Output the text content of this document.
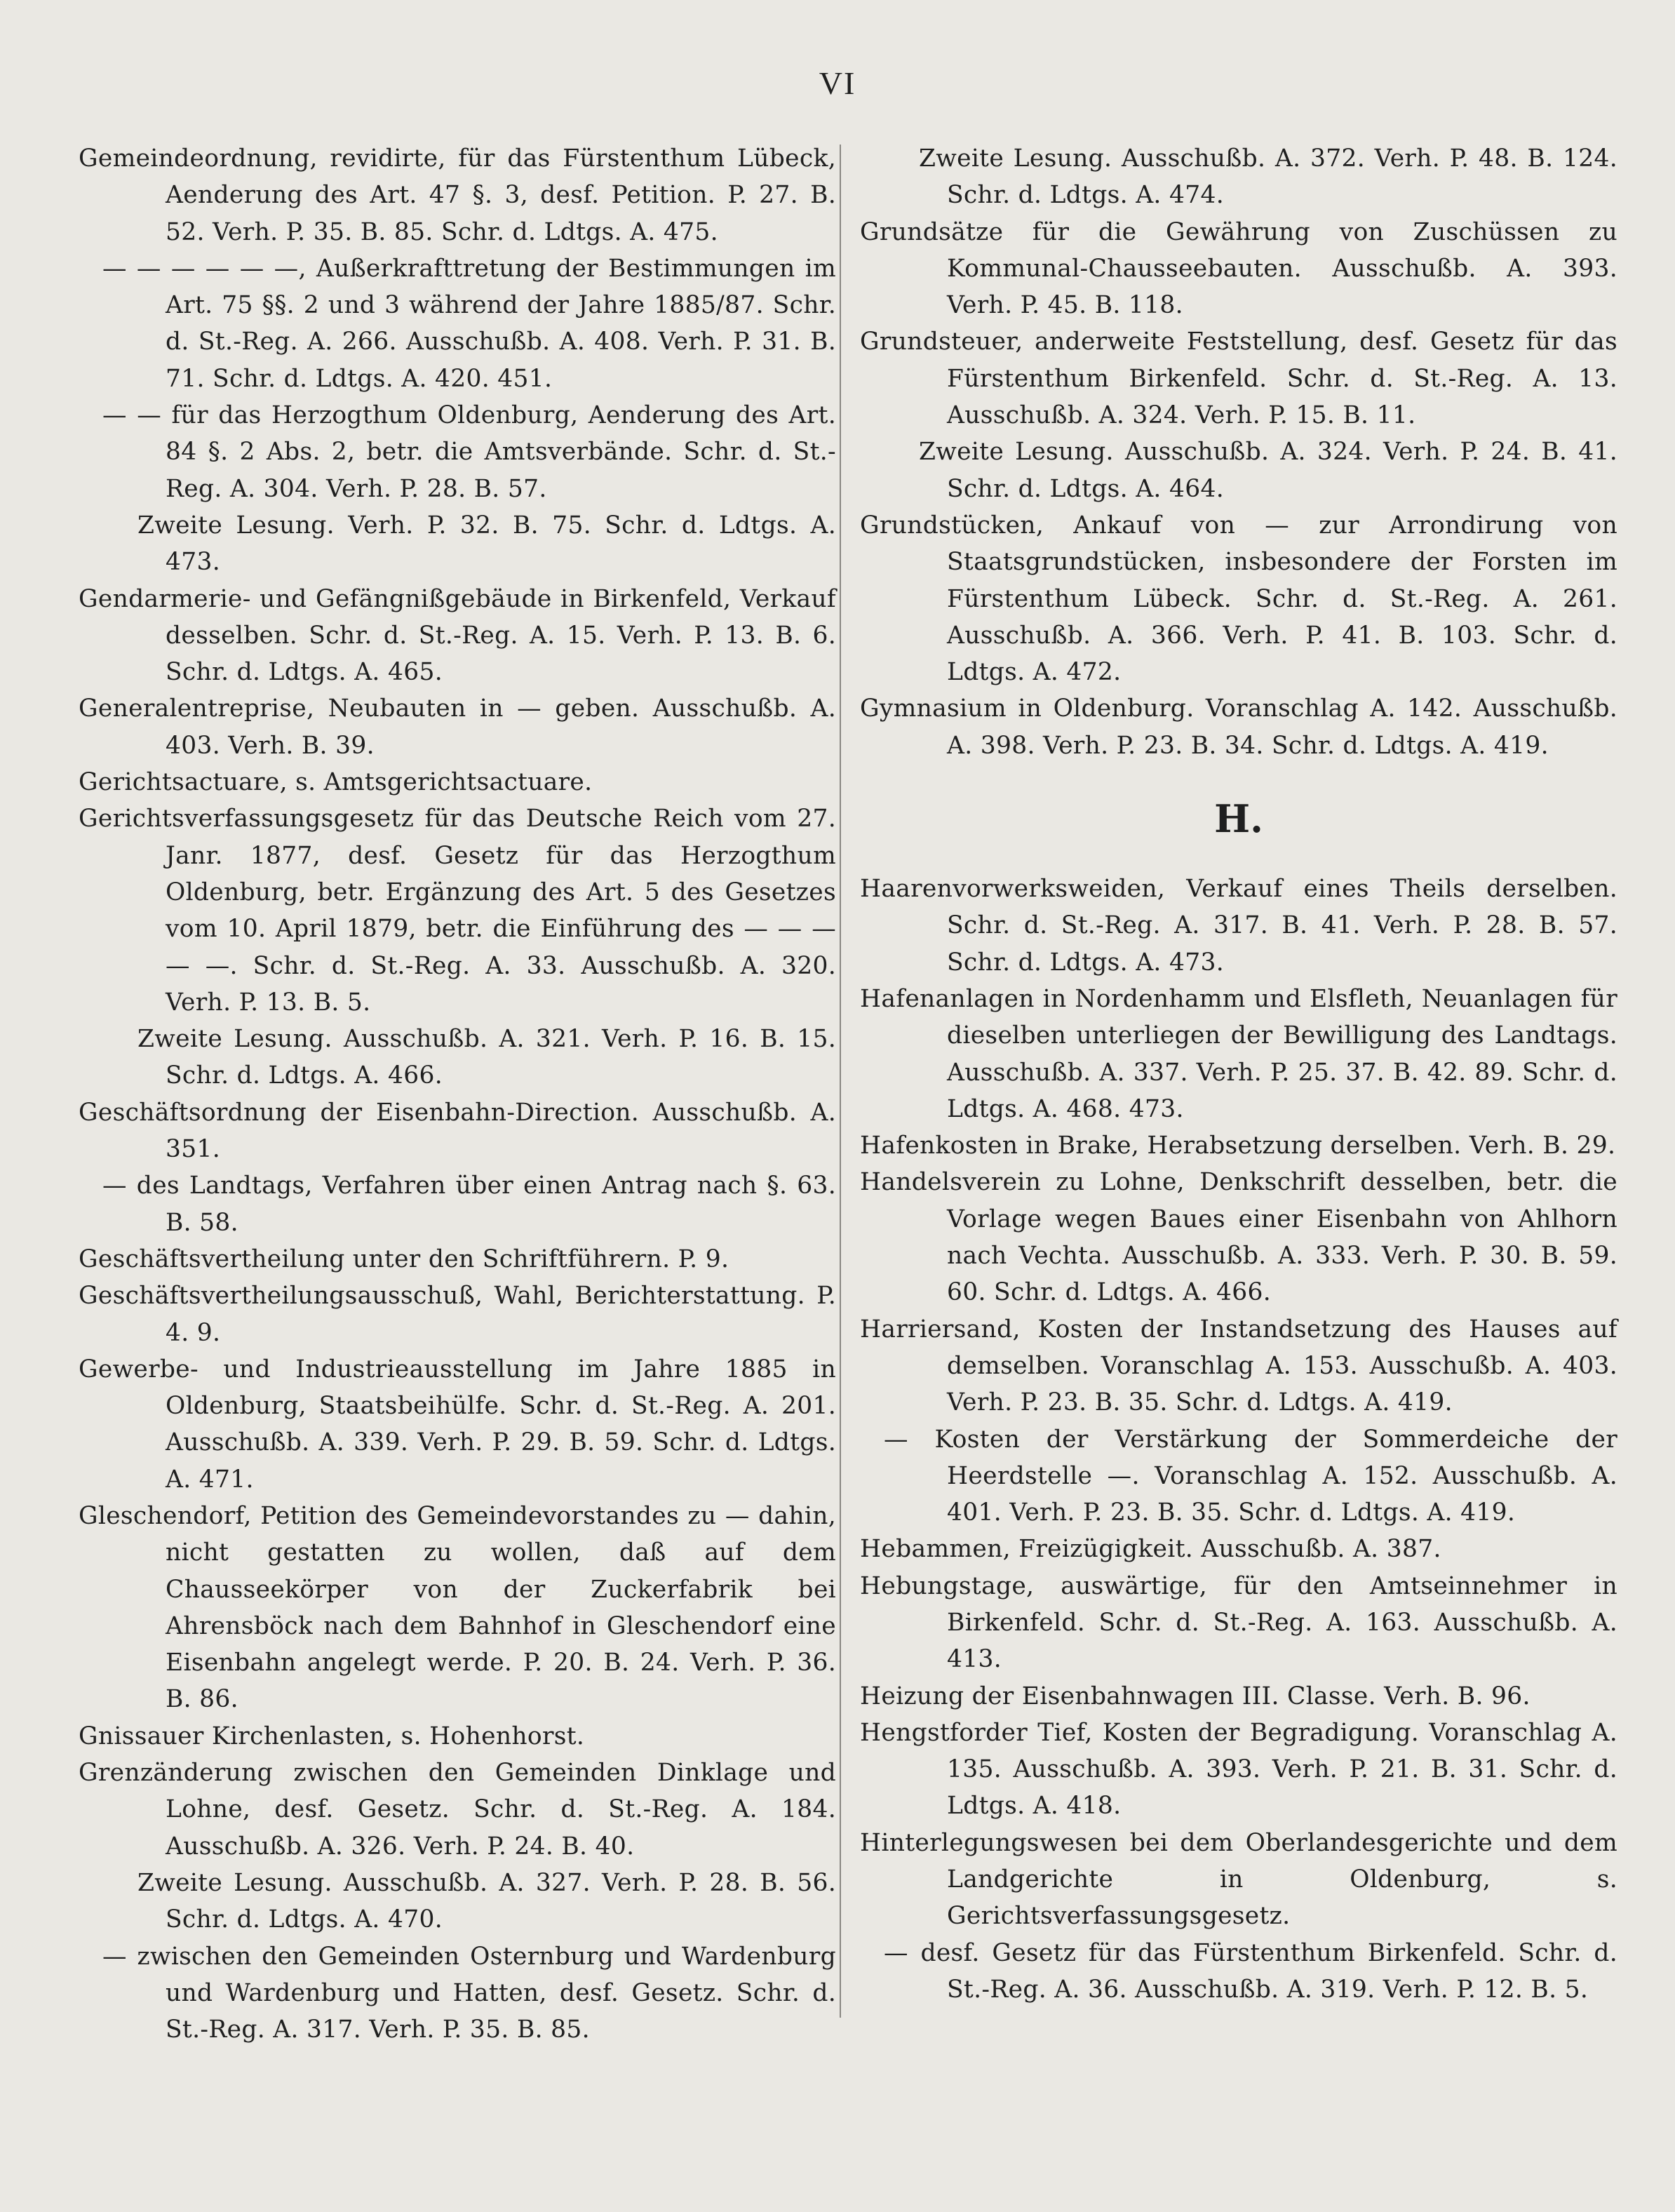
VI

Gemeindeordnung, revidirte, für das Fürstenthum Lübeck, Aenderung des Art. 47 §. 3, desf. Petition. P. 27. B. 52. Verh. P. 35. B. 85. Schr. d. Ldtgs. A. 475.

— — — — — —, Außerkrafttretung der Bestimmungen im Art. 75 §§. 2 und 3 während der Jahre 1885/87. Schr. d. St.-Reg. A. 266. Ausschußb. A. 408. Verh. P. 31. B. 71. Schr. d. Ldtgs. A. 420. 451.

— — für das Herzogthum Oldenburg, Aenderung des Art. 84 §. 2 Abs. 2, betr. die Amtsverbände. Schr. d. St.-Reg. A. 304. Verh. P. 28. B. 57.

Zweite Lesung. Verh. P. 32. B. 75. Schr. d. Ldtgs. A. 473.

Gendarmerie- und Gefängnißgebäude in Birkenfeld, Verkauf desselben. Schr. d. St.-Reg. A. 15. Verh. P. 13. B. 6. Schr. d. Ldtgs. A. 465.

Generalentreprise, Neubauten in — geben. Ausschußb. A. 403. Verh. B. 39.

Gerichtsactuare, s. Amtsgerichtsactuare.

Gerichtsverfassungsgesetz für das Deutsche Reich vom 27. Janr. 1877, desf. Gesetz für das Herzogthum Oldenburg, betr. Ergänzung des Art. 5 des Gesetzes vom 10. April 1879, betr. die Einführung des — — — — —. Schr. d. St.-Reg. A. 33. Ausschußb. A. 320. Verh. P. 13. B. 5.

Zweite Lesung. Ausschußb. A. 321. Verh. P. 16. B. 15. Schr. d. Ldtgs. A. 466.

Geschäftsordnung der Eisenbahn-Direction. Ausschußb. A. 351.

— des Landtags, Verfahren über einen Antrag nach §. 63. B. 58.

Geschäftsvertheilung unter den Schriftführern. P. 9.

Geschäftsvertheilungsausschuß, Wahl, Berichterstattung. P. 4. 9.

Gewerbe- und Industrieausstellung im Jahre 1885 in Oldenburg, Staatsbeihülfe. Schr. d. St.-Reg. A. 201. Ausschußb. A. 339. Verh. P. 29. B. 59. Schr. d. Ldtgs. A. 471.

Gleschendorf, Petition des Gemeindevorstandes zu — dahin, nicht gestatten zu wollen, daß auf dem Chausseekörper von der Zuckerfabrik bei Ahrensböck nach dem Bahnhof in Gleschendorf eine Eisenbahn angelegt werde. P. 20. B. 24. Verh. P. 36. B. 86.

Gnissauer Kirchenlasten, s. Hohenhorst.

Grenzänderung zwischen den Gemeinden Dinklage und Lohne, desf. Gesetz. Schr. d. St.-Reg. A. 184. Ausschußb. A. 326. Verh. P. 24. B. 40.

Zweite Lesung. Ausschußb. A. 327. Verh. P. 28. B. 56. Schr. d. Ldtgs. A. 470.

— zwischen den Gemeinden Osternburg und Wardenburg und Wardenburg und Hatten, desf. Gesetz. Schr. d. St.-Reg. A. 317. Verh. P. 35. B. 85.

Zweite Lesung. Ausschußb. A. 372. Verh. P. 48. B. 124. Schr. d. Ldtgs. A. 474.

Grundsätze für die Gewährung von Zuschüssen zu Kommunal-Chausseebauten. Ausschußb. A. 393. Verh. P. 45. B. 118.

Grundsteuer, anderweite Feststellung, desf. Gesetz für das Fürstenthum Birkenfeld. Schr. d. St.-Reg. A. 13. Ausschußb. A. 324. Verh. P. 15. B. 11.

Zweite Lesung. Ausschußb. A. 324. Verh. P. 24. B. 41. Schr. d. Ldtgs. A. 464.

Grundstücken, Ankauf von — zur Arrondirung von Staatsgrundstücken, insbesondere der Forsten im Fürstenthum Lübeck. Schr. d. St.-Reg. A. 261. Ausschußb. A. 366. Verh. P. 41. B. 103. Schr. d. Ldtgs. A. 472.

Gymnasium in Oldenburg. Voranschlag A. 142. Ausschußb. A. 398. Verh. P. 23. B. 34. Schr. d. Ldtgs. A. 419.

H.

Haarenvorwerksweiden, Verkauf eines Theils derselben. Schr. d. St.-Reg. A. 317. B. 41. Verh. P. 28. B. 57. Schr. d. Ldtgs. A. 473.

Hafenanlagen in Nordenhamm und Elsfleth, Neuanlagen für dieselben unterliegen der Bewilligung des Landtags. Ausschußb. A. 337. Verh. P. 25. 37. B. 42. 89. Schr. d. Ldtgs. A. 468. 473.

Hafenkosten in Brake, Herabsetzung derselben. Verh. B. 29.

Handelsverein zu Lohne, Denkschrift desselben, betr. die Vorlage wegen Baues einer Eisenbahn von Ahlhorn nach Vechta. Ausschußb. A. 333. Verh. P. 30. B. 59. 60. Schr. d. Ldtgs. A. 466.

Harriersand, Kosten der Instandsetzung des Hauses auf demselben. Voranschlag A. 153. Ausschußb. A. 403. Verh. P. 23. B. 35. Schr. d. Ldtgs. A. 419.

— Kosten der Verstärkung der Sommerdeiche der Heerdstelle —. Voranschlag A. 152. Ausschußb. A. 401. Verh. P. 23. B. 35. Schr. d. Ldtgs. A. 419.

Hebammen, Freizügigkeit. Ausschußb. A. 387.

Hebungstage, auswärtige, für den Amtseinnehmer in Birkenfeld. Schr. d. St.-Reg. A. 163. Ausschußb. A. 413.

Heizung der Eisenbahnwagen III. Classe. Verh. B. 96.

Hengstforder Tief, Kosten der Begradigung. Voranschlag A. 135. Ausschußb. A. 393. Verh. P. 21. B. 31. Schr. d. Ldtgs. A. 418.

Hinterlegungswesen bei dem Oberlandesgerichte und dem Landgerichte in Oldenburg, s. Gerichtsverfassungsgesetz.

— desf. Gesetz für das Fürstenthum Birkenfeld. Schr. d. St.-Reg. A. 36. Ausschußb. A. 319. Verh. P. 12. B. 5.
